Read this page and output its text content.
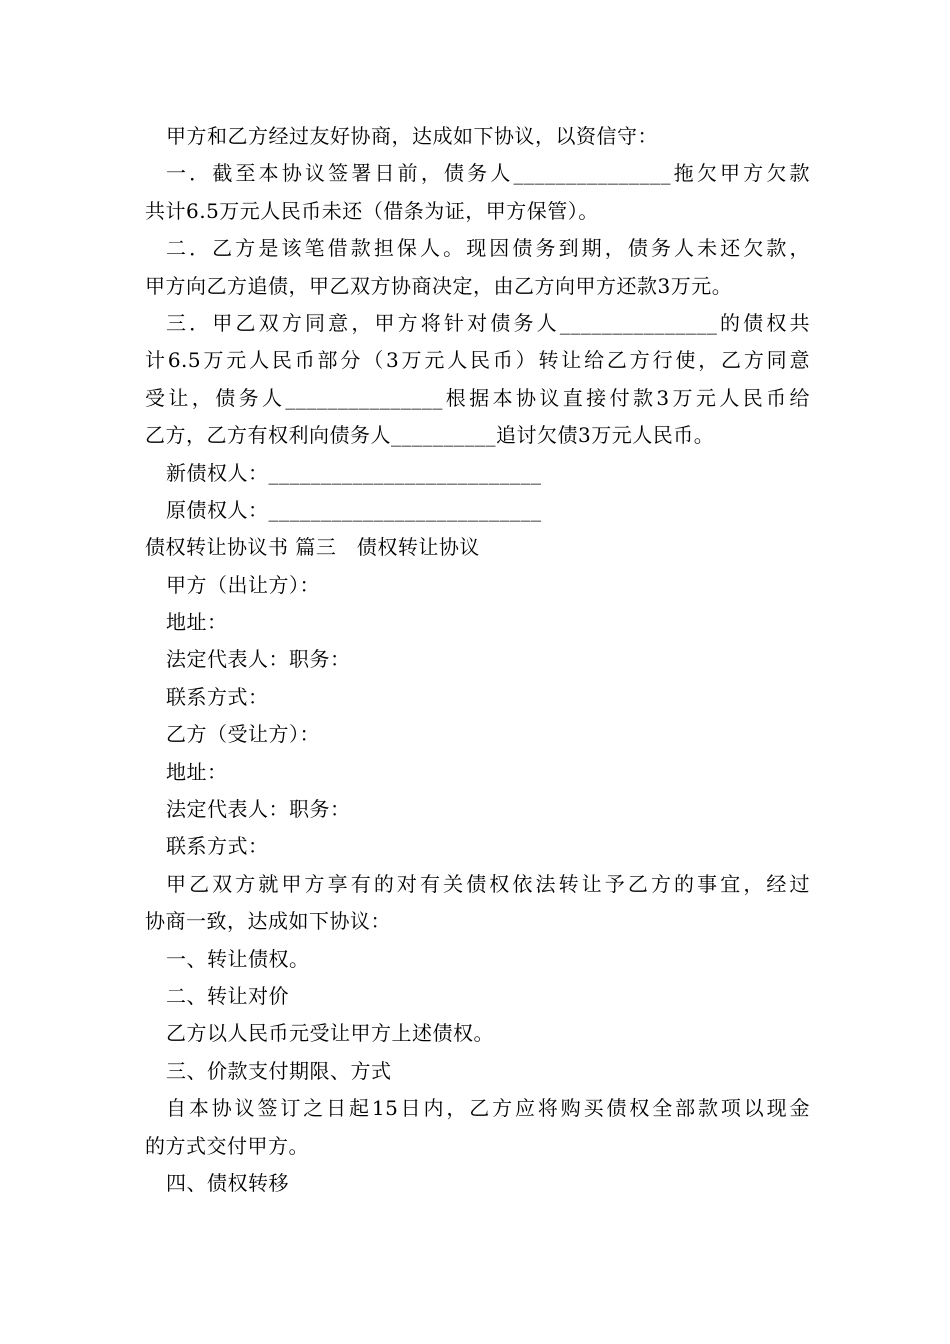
甲方和乙方经过友好协商，达成如下协议，以资信守：
一．截至本协议签署日前，债务人_______________拖欠甲方欠款
共计6.5万元人民币未还（借条为证，甲方保管）。
二．乙方是该笔借款担保人。现因债务到期，债务人未还欠款，
甲方向乙方追债，甲乙双方协商决定，由乙方向甲方还款3万元。
三．甲乙双方同意，甲方将针对债务人_______________的债权共
计6.5万元人民币部分（3万元人民币）转让给乙方行使，乙方同意
受让，债务人_______________根据本协议直接付款3万元人民币给
乙方，乙方有权利向债务人__________追讨欠债3万元人民币。
新债权人：__________________________
原债权人：__________________________
债权转让协议书 篇三　债权转让协议
甲方（出让方）：
地址：
法定代表人：职务：
联系方式：
乙方（受让方）：
地址：
法定代表人：职务：
联系方式：
甲乙双方就甲方享有的对有关债权依法转让予乙方的事宜，经过
协商一致，达成如下协议：
一、转让债权。
二、转让对价
乙方以人民币元受让甲方上述债权。
三、价款支付期限、方式
自本协议签订之日起15日内，乙方应将购买债权全部款项以现金
的方式交付甲方。
四、债权转移
